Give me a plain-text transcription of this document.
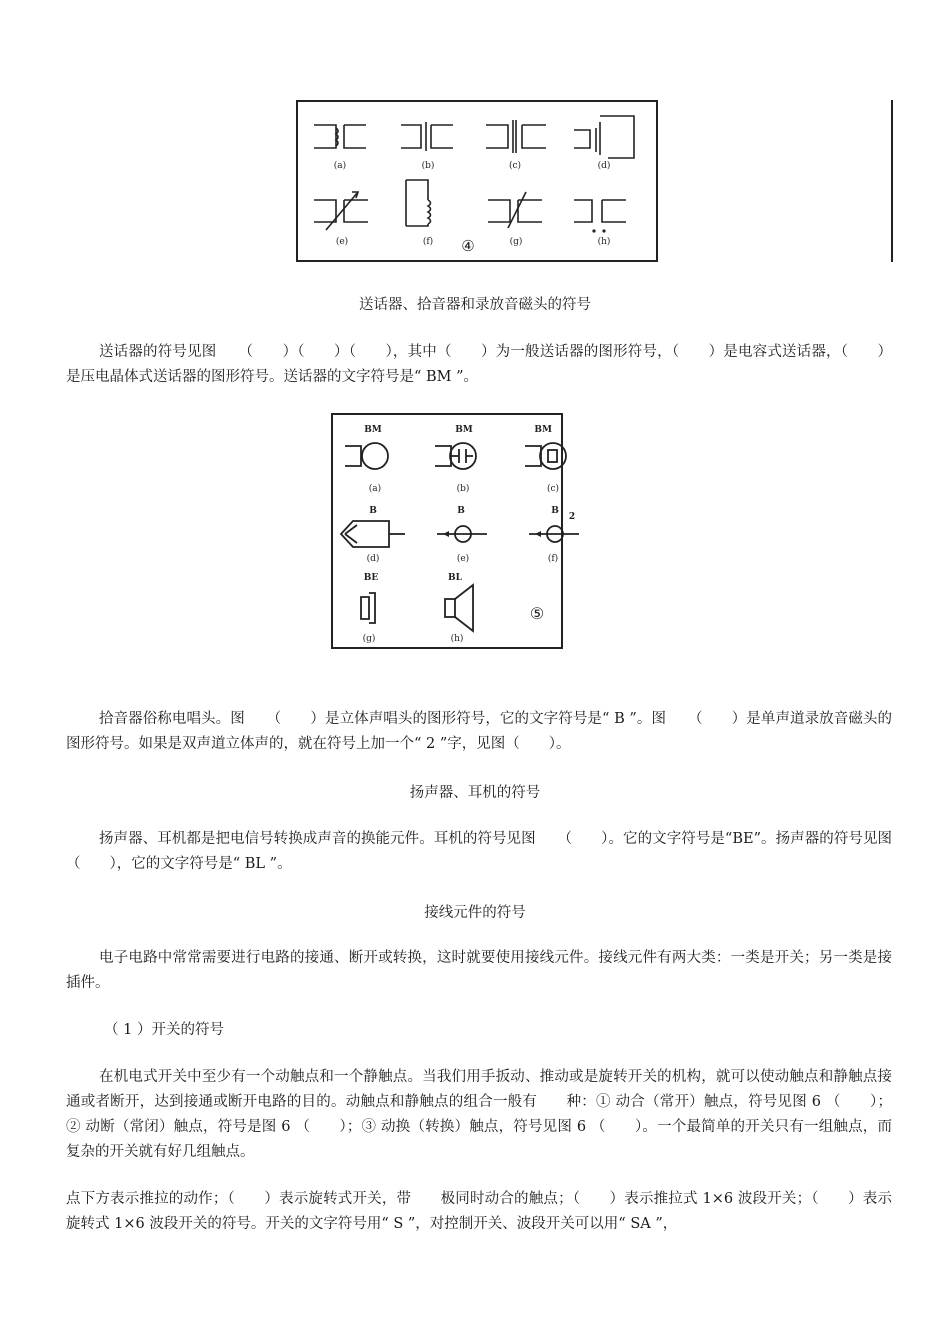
(a)	(b)	(c)	(d)
(e)	(f)	(g)	(h)
④
送话器、拾音器和录放音磁头的符号
送话器的符号见图　　（　　）（　　）（　　），其中（　　）为一般送话器的图形符号，（　　）是电容式送话器，（　　）是压电晶体式送话器的图形符号。送话器的文字符号是“ BM ”。
BM	BM	BM
B	B	B
2
BE	BL
(a)	(b)	(c)
(d)	(e)	(f)
(g)	(h)
⑤
拾音器俗称电唱头。图　　（　　）是立体声唱头的图形符号，它的文字符号是“ B ”。图　　（　　）是单声道录放音磁头的图形符号。如果是双声道立体声的，就在符号上加一个“ 2 ”字，见图（　　）。
扬声器、耳机的符号
扬声器、耳机都是把电信号转换成声音的换能元件。耳机的符号见图　　（　　）。它的文字符号是“BE”。扬声器的符号见图　　（　　），它的文字符号是“ BL ”。
接线元件的符号
电子电路中常常需要进行电路的接通、断开或转换，这时就要使用接线元件。接线元件有两大类：一类是开关；另一类是接插件。
（ 1 ）开关的符号
在机电式开关中至少有一个动触点和一个静触点。当我们用手扳动、推动或是旋转开关的机构，就可以使动触点和静触点接通或者断开，达到接通或断开电路的目的。动触点和静触点的组合一般有　　种：① 动合（常开）触点，符号见图 6 （　　）；② 动断（常闭）触点，符号是图 6 （　　）；③ 动换（转换）触点，符号见图 6 （　　）。一个最简单的开关只有一组触点，而复杂的开关就有好几组触点。
点下方表示推拉的动作；（　　）表示旋转式开关，带　　极同时动合的触点；（　　）表示推拉式 1×6 波段开关；（　　）表示旋转式 1×6 波段开关的符号。开关的文字符号用“ S ”，对控制开关、波段开关可以用“ SA ”，
